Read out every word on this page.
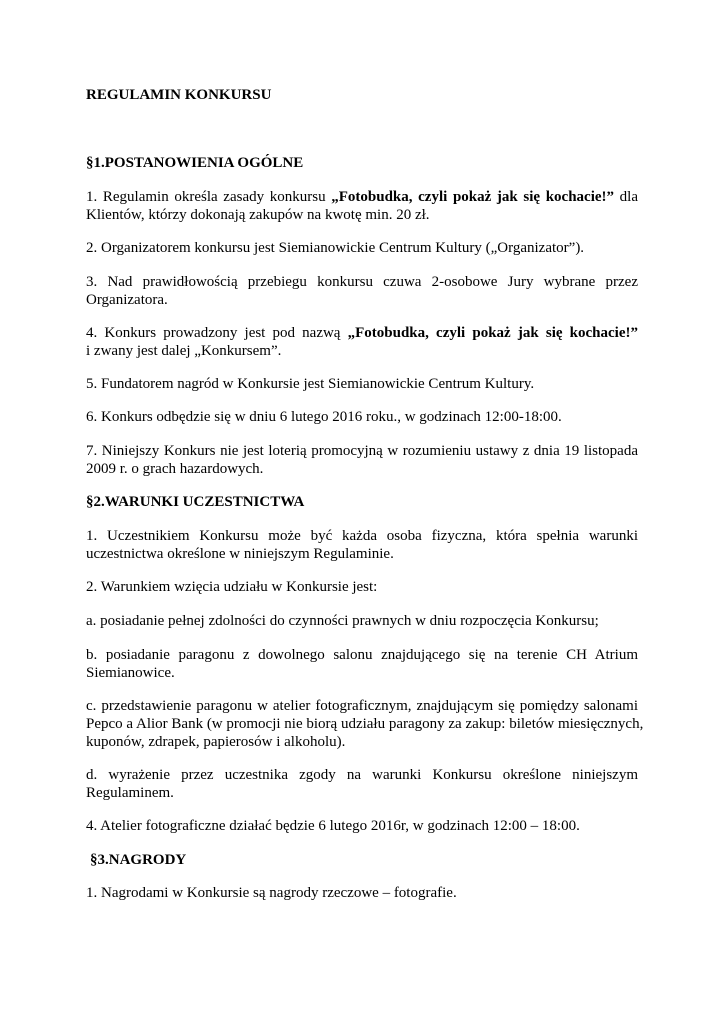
REGULAMIN KONKURSU

§1.POSTANOWIENIA OGÓLNE

1. Regulamin określa zasady konkursu „Fotobudka, czyli pokaż jak się kochacie!” dla

Klientów, którzy dokonają zakupów na kwotę min. 20 zł.

2. Organizatorem konkursu jest Siemianowickie Centrum Kultury („Organizator”).

3. Nad prawidłowością przebiegu konkursu czuwa 2-osobowe Jury wybrane przez

Organizatora.

4. Konkurs prowadzony jest pod nazwą „Fotobudka, czyli pokaż jak się kochacie!”

i zwany jest dalej „Konkursem”.

5. Fundatorem nagród w Konkursie jest Siemianowickie Centrum Kultury.

6. Konkurs odbędzie się w dniu 6 lutego 2016 roku., w godzinach 12:00-18:00.

7. Niniejszy Konkurs nie jest loterią promocyjną w rozumieniu ustawy z dnia 19 listopada

2009 r. o grach hazardowych.

§2.WARUNKI UCZESTNICTWA

1. Uczestnikiem Konkursu może być każda osoba fizyczna, która spełnia warunki

uczestnictwa określone w niniejszym Regulaminie.

2. Warunkiem wzięcia udziału w Konkursie jest:

a. posiadanie pełnej zdolności do czynności prawnych w dniu rozpoczęcia Konkursu;

b. posiadanie paragonu z dowolnego salonu znajdującego się na terenie CH Atrium

Siemianowice.

c. przedstawienie paragonu w atelier fotograficznym, znajdującym się pomiędzy salonami

Pepco a Alior Bank (w promocji nie biorą udziału paragony za zakup: biletów miesięcznych,

kuponów, zdrapek, papierosów i alkoholu).

d. wyrażenie przez uczestnika zgody na warunki Konkursu określone niniejszym

Regulaminem.

4. Atelier fotograficzne działać będzie 6 lutego 2016r, w godzinach 12:00 – 18:00.

§3.NAGRODY

1. Nagrodami w Konkursie są nagrody rzeczowe – fotografie.
